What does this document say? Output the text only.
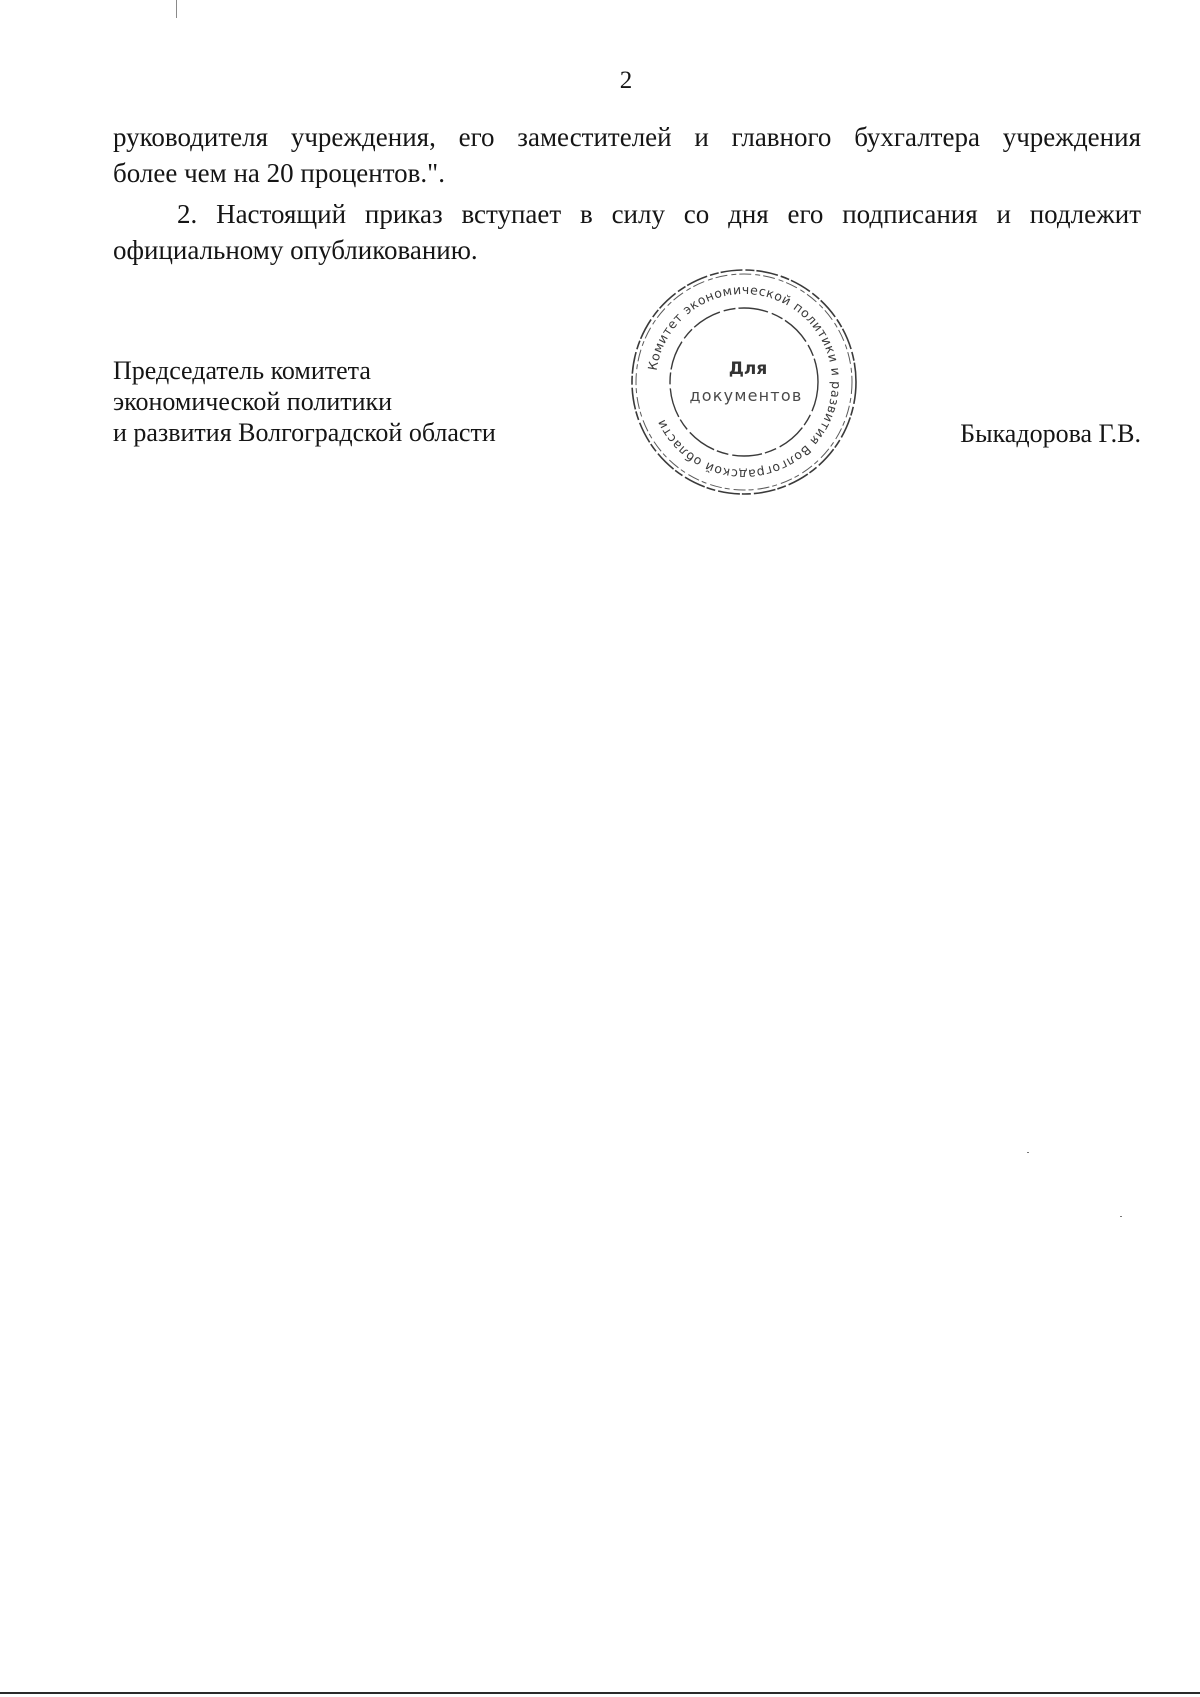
2
руководителя учреждения, его заместителей и главного бухгалтера учреждения
более чем на 20 процентов.".
2. Настоящий приказ вступает в силу со дня его подписания и подлежит
официальному опубликованию.
Председатель комитета
экономической политики
и развития Волгоградской области
Комитет экономической политики и развития Волгоградской области
Для
документов
Быкадорова Г.В.
